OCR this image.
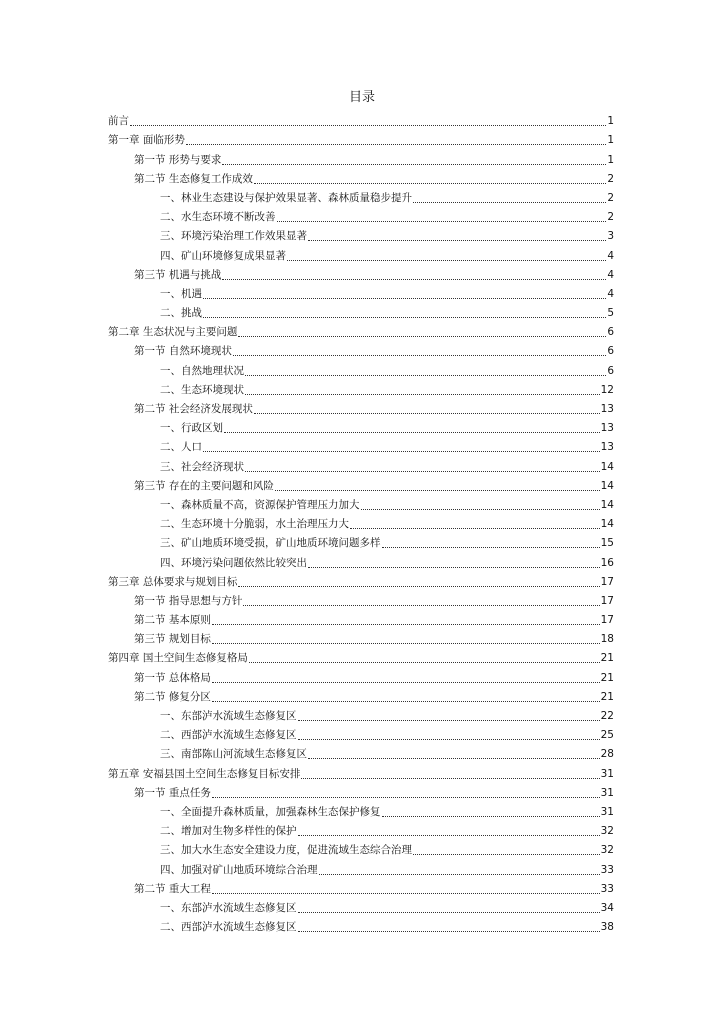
目录
前言	1
第一章 面临形势	1
第一节 形势与要求	1
第二节 生态修复工作成效	2
一、林业生态建设与保护效果显著、森林质量稳步提升	2
二、水生态环境不断改善	2
三、环境污染治理工作效果显著	3
四、矿山环境修复成果显著	4
第三节 机遇与挑战	4
一、机遇	4
二、挑战	5
第二章 生态状况与主要问题	6
第一节 自然环境现状	6
一、自然地理状况	6
二、生态环境现状	12
第二节 社会经济发展现状	13
一、行政区划	13
二、人口	13
三、社会经济现状	14
第三节 存在的主要问题和风险	14
一、森林质量不高，资源保护管理压力加大	14
二、生态环境十分脆弱，水土治理压力大	14
三、矿山地质环境受损，矿山地质环境问题多样	15
四、环境污染问题依然比较突出	16
第三章 总体要求与规划目标	17
第一节 指导思想与方针	17
第二节 基本原则	17
第三节 规划目标	18
第四章 国土空间生态修复格局	21
第一节 总体格局	21
第二节 修复分区	21
一、东部泸水流域生态修复区	22
二、西部泸水流域生态修复区	25
三、南部陈山河流域生态修复区	28
第五章 安福县国土空间生态修复目标安排	31
第一节 重点任务	31
一、全面提升森林质量，加强森林生态保护修复	31
二、增加对生物多样性的保护	32
三、加大水生态安全建设力度，促进流域生态综合治理	32
四、加强对矿山地质环境综合治理	33
第二节 重大工程	33
一、东部泸水流域生态修复区	34
二、西部泸水流域生态修复区	38
